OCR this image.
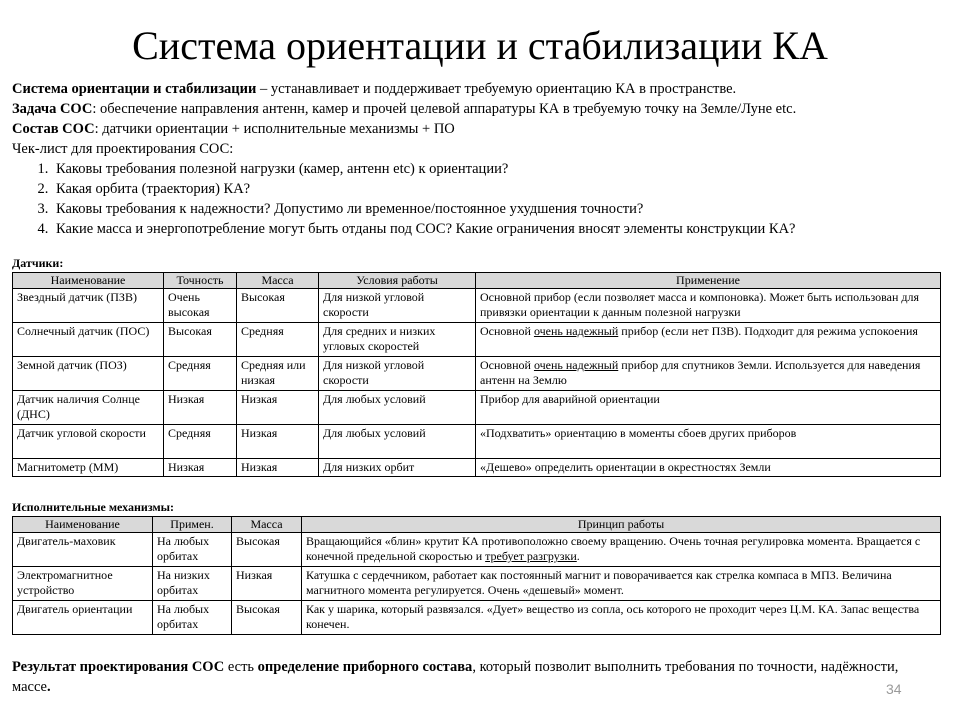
Система ориентации и стабилизации КА

Система ориентации и стабилизации – устанавливает и поддерживает требуемую ориентацию КА в пространстве.

Задача СОС: обеспечение направления антенн, камер и прочей целевой аппаратуры КА в требуемую точку на Земле/Луне etc.

Состав СОС: датчики ориентации + исполнительные механизмы + ПО

Чек-лист для проектирования СОС:

1. Каковы требования полезной нагрузки (камер, антенн etc) к ориентации?
2. Какая орбита (траектория) КА?
3. Каковы требования к надежности? Допустимо ли временное/постоянное ухудшения точности?
4. Какие масса и энергопотребление могут быть отданы под СОС? Какие ограничения вносят элементы конструкции КА?
Датчики:
Наименование	Точность	Масса	Условия работы	Применение
Звездный датчик (ПЗВ)	Очень высокая	Высокая	Для низкой угловой скорости	Основной прибор (если позволяет масса и компоновка). Может быть использован для привязки ориентации к данным полезной нагрузки
Солнечный датчик (ПОС)	Высокая	Средняя	Для средних и низких угловых скоростей	Основной очень надежный прибор (если нет ПЗВ). Подходит для режима успокоения
Земной датчик (ПОЗ)	Средняя	Средняя или низкая	Для низкой угловой скорости	Основной очень надежный прибор для спутников Земли. Используется для наведения антенн на Землю
Датчик наличия Солнце (ДНС)	Низкая	Низкая	Для любых условий	Прибор для аварийной ориентации
Датчик угловой скорости	Средняя	Низкая	Для любых условий	«Подхватить» ориентацию в моменты сбоев других приборов
Магнитометр (ММ)	Низкая	Низкая	Для низких орбит	«Дешево» определить ориентации в окрестностях Земли
Исполнительные механизмы:
Наименование	Примен.	Масса	Принцип работы
Двигатель-маховик	На любых орбитах	Высокая	Вращающийся «блин» крутит КА противоположно своему вращению. Очень точная регулировка момента. Вращается с конечной предельной скоростью и требует разгрузки.
Электромагнитное устройство	На низких орбитах	Низкая	Катушка с сердечником, работает как постоянный магнит и поворачивается как стрелка компаса в МПЗ. Величина магнитного момента регулируется. Очень «дешевый» момент.
Двигатель ориентации	На любых орбитах	Высокая	Как у шарика, который развязался. «Дует» вещество из сопла, ось которого не проходит через Ц.М. КА. Запас вещества конечен.
Результат проектирования СОС есть определение приборного состава, который позволит выполнить требования по точности, надёжности, массе.	34
